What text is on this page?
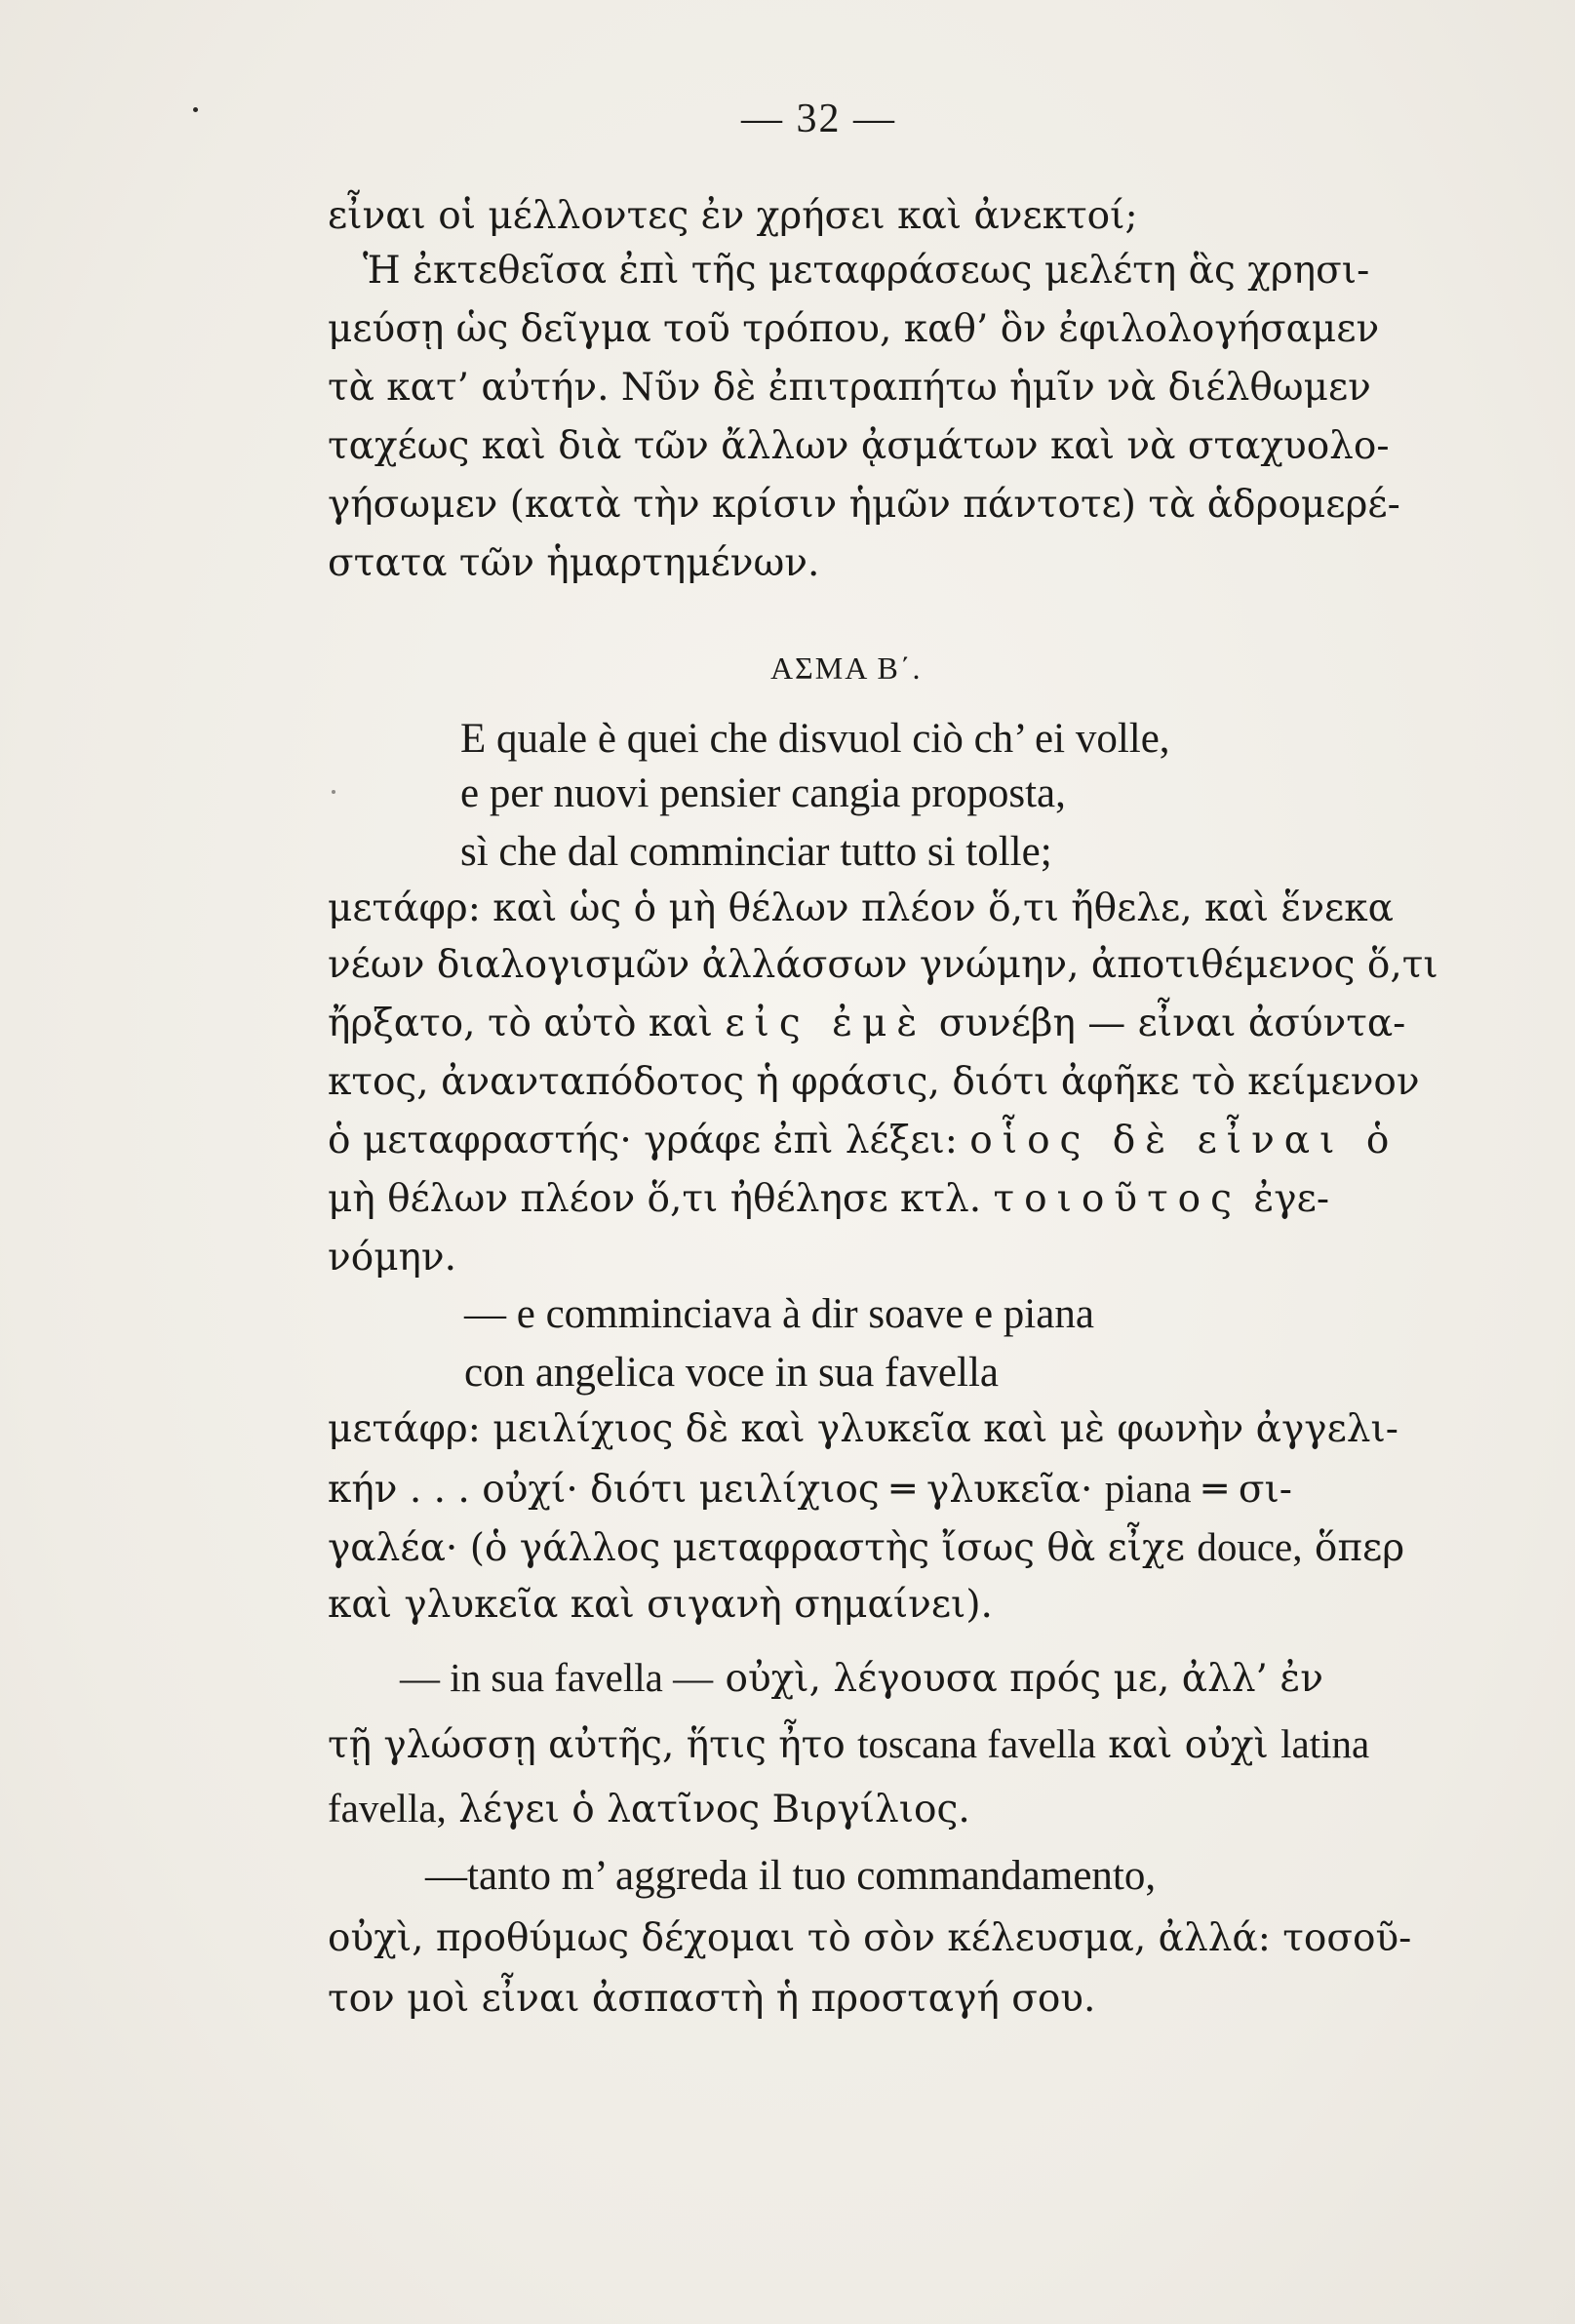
— 32 —
εἶναι οἱ μέλλοντες ἐν χρήσει καὶ ἀνεκτοί;
Ἡ ἐκτεθεῖσα ἐπὶ τῆς μεταφράσεως μελέτη ἃς χρησι-
μεύσῃ ὡς δεῖγμα τοῦ τρόπου, καθ’ ὃν ἐφιλολογήσαμεν
τὰ κατ’ αὐτήν. Νῦν δὲ ἐπιτραπήτω ἡμῖν νὰ διέλθωμεν
ταχέως καὶ διὰ τῶν ἄλλων ᾀσμάτων καὶ νὰ σταχυολο-
γήσωμεν (κατὰ τὴν κρίσιν ἡμῶν πάντοτε) τὰ ἁδρομερέ-
στατα τῶν ἡμαρτημένων.
ΑΣΜΑ Β΄.
E quale è quei che disvuol ciò ch’ ei volle,
e per nuovi pensier cangia proposta,
sì che dal comminciar tutto si tolle;
μετάφρ: καὶ ὡς ὁ μὴ θέλων πλέον ὅ,τι ἤθελε, καὶ ἕνεκα
νέων διαλογισμῶν ἀλλάσσων γνώμην, ἀποτιθέμενος ὅ,τι
ἤρξατο, τὸ αὐτὸ καὶ εἰς ἐμὲ συνέβη — εἶναι ἀσύντα-
κτος, ἀνανταπόδοτος ἡ φράσις, διότι ἀφῆκε τὸ κείμενον
ὁ μεταφραστής· γράφε ἐπὶ λέξει: οἷος δὲ εἶναι ὁ
μὴ θέλων πλέον ὅ,τι ἠθέλησε κτλ. τοιοῦτος ἐγε-
νόμην.
— e comminciava à dir soave e piana
con angelica voce in sua favella
μετάφρ: μειλίχιος δὲ καὶ γλυκεῖα καὶ μὲ φωνὴν ἀγγελι-
κήν . . . οὐχί· διότι μειλίχιος ═ γλυκεῖα· piana ═ σι-
γαλέα· (ὁ γάλλος μεταφραστὴς ἴσως θὰ εἶχε douce, ὅπερ
καὶ γλυκεῖα καὶ σιγανὴ σημαίνει).
— in sua favella — οὐχὶ, λέγουσα πρός με, ἀλλ’ ἐν
τῇ γλώσσῃ αὐτῆς, ἥτις ἦτο toscana favella καὶ οὐχὶ latina
favella, λέγει ὁ λατῖνος Βιργίλιος.
—tanto m’ aggreda il tuo commandamento,
οὐχὶ, προθύμως δέχομαι τὸ σὸν κέλευσμα, ἀλλά: τοσοῦ-
τον μοὶ εἶναι ἀσπαστὴ ἡ προσταγή σου.
